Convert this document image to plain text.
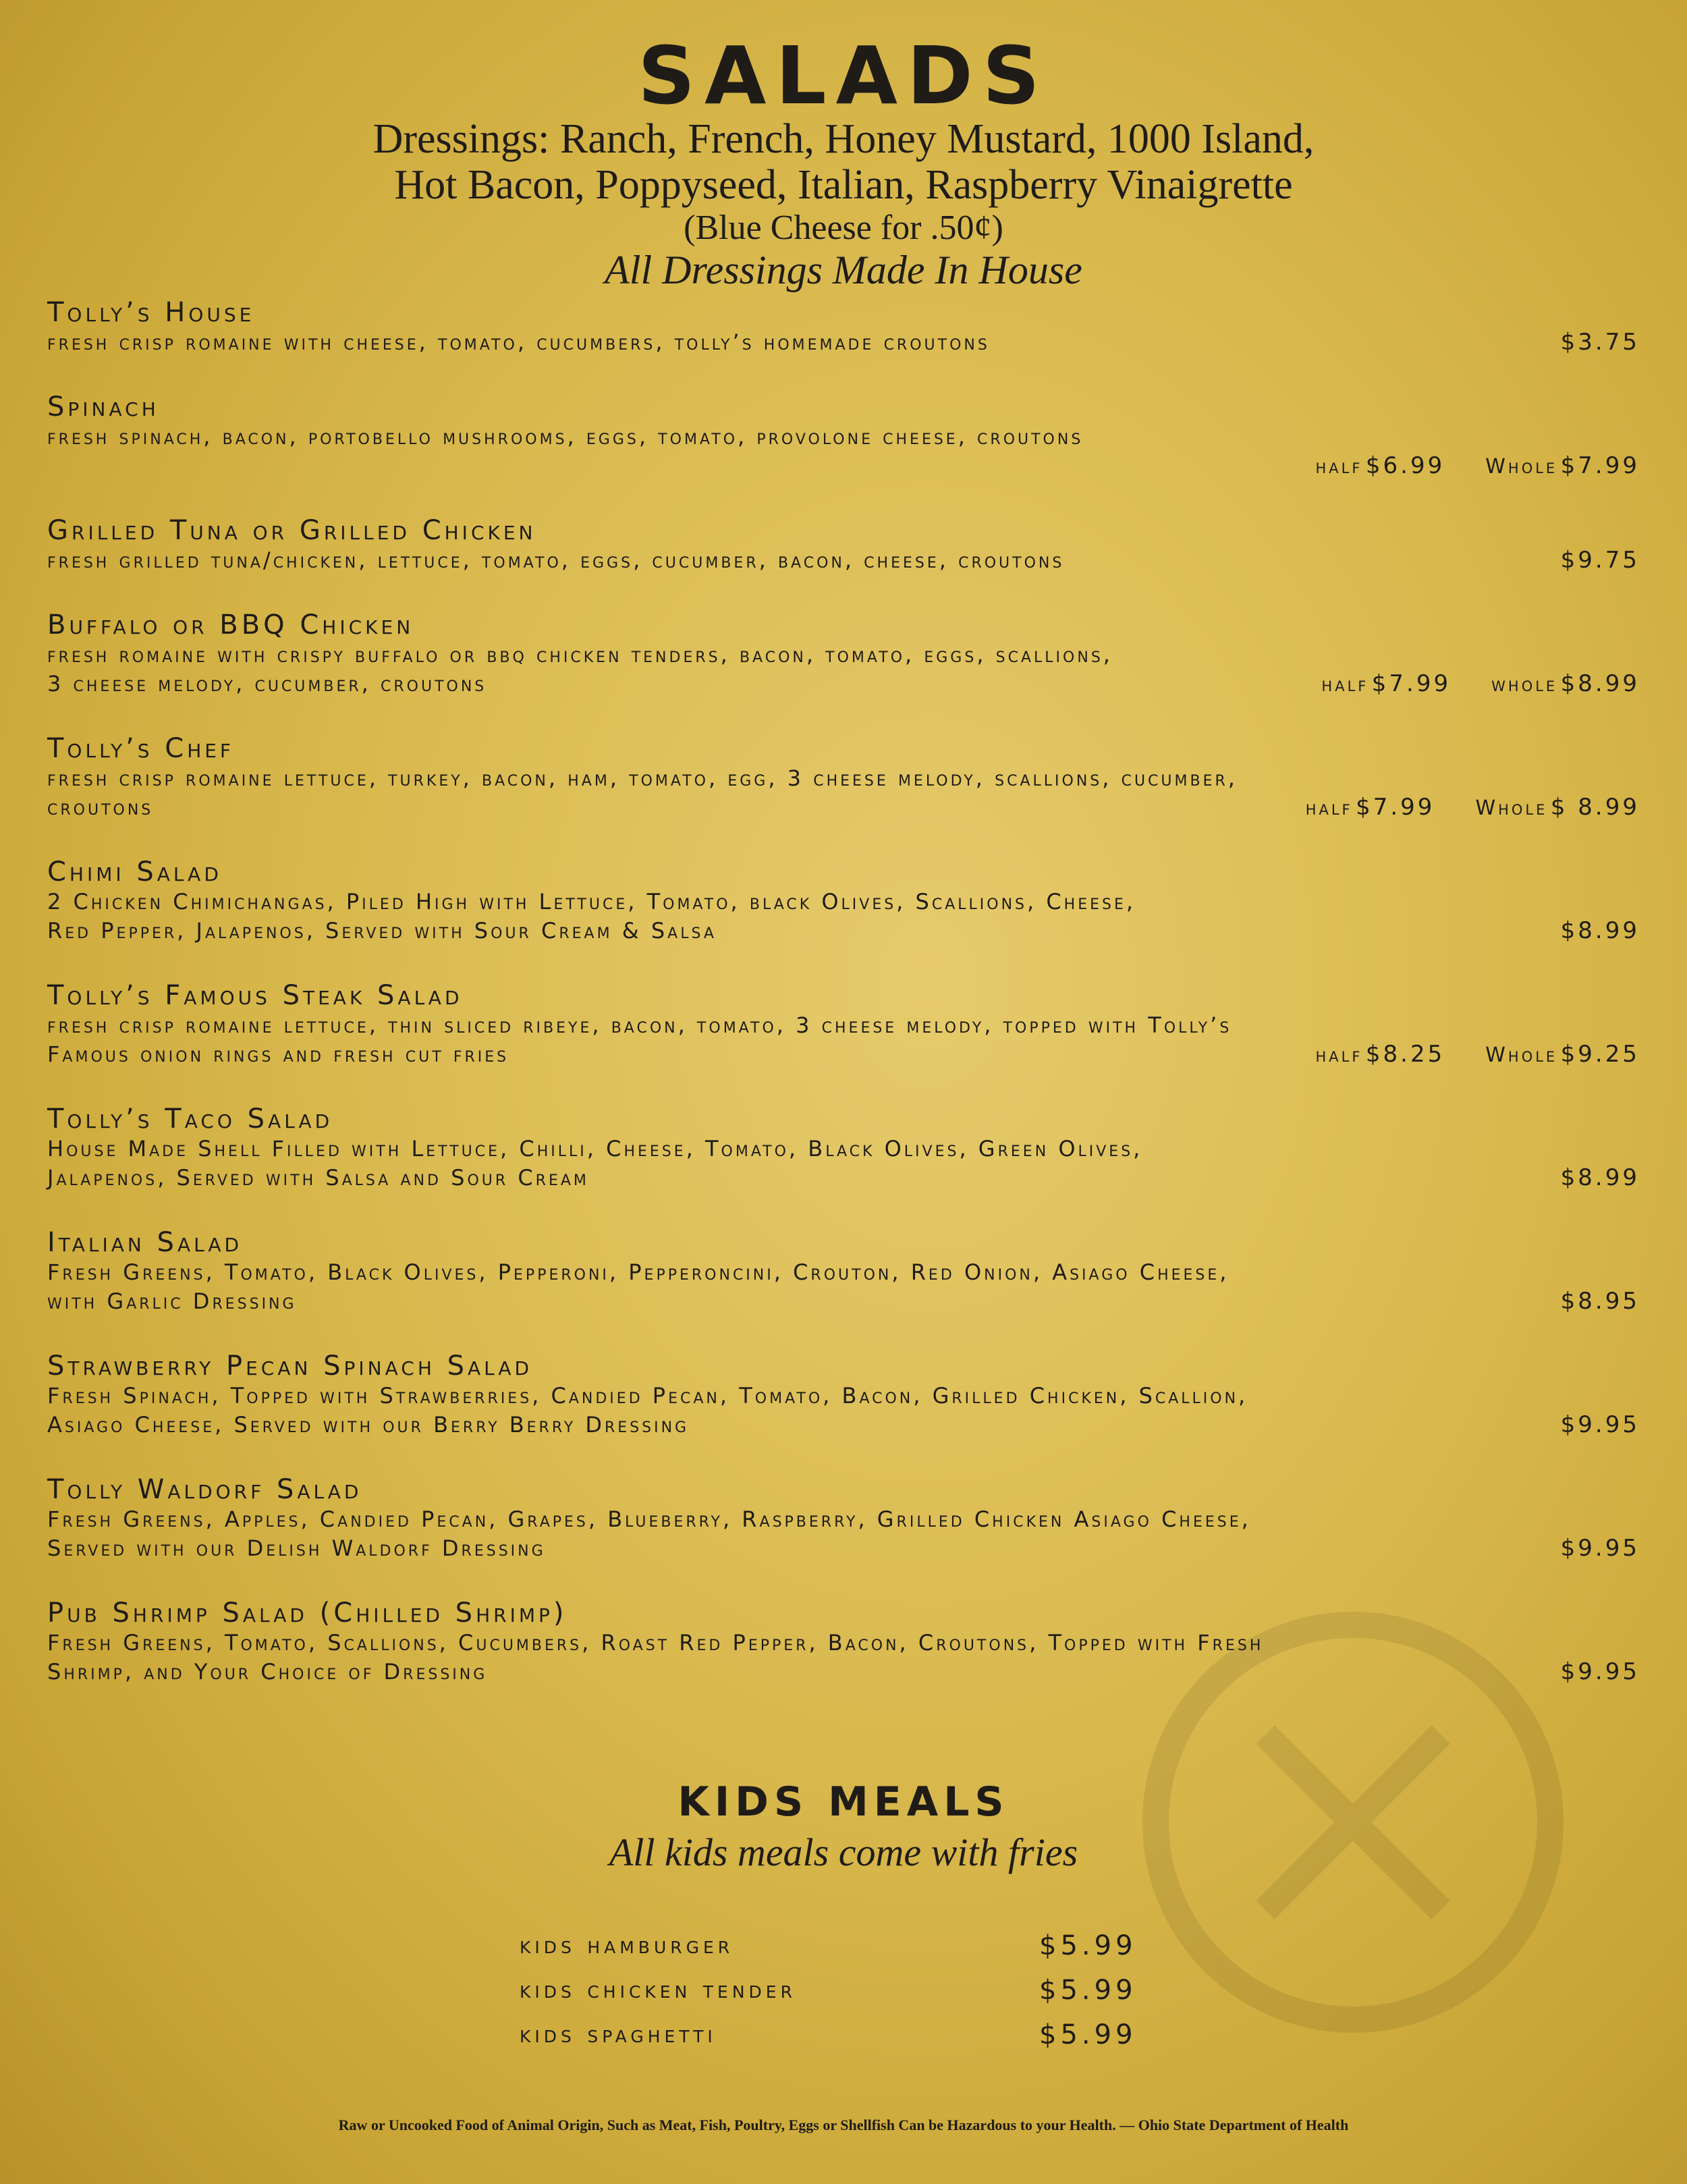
SALADS
Dressings: Ranch, French, Honey Mustard, 1000 Island,
Hot Bacon, Poppyseed, Italian, Raspberry Vinaigrette
(Blue Cheese for .50¢)
All Dressings Made In House
Tolly’s House
fresh crisp romaine with cheese, tomato, cucumbers, tolly’s homemade croutons	$3.75
Spinach
fresh spinach, bacon, portobello mushrooms, eggs, tomato, provolone cheese, croutons
half $6.99 Whole $7.99
Grilled Tuna or Grilled Chicken
fresh grilled tuna/chicken, lettuce, tomato, eggs, cucumber, bacon, cheese, croutons	$9.75
Buffalo or BBQ Chicken
fresh romaine with crispy buffalo or bbq chicken tenders, bacon, tomato, eggs, scallions,
3 cheese melody, cucumber, croutons	half $7.99 whole $8.99
Tolly’s Chef
fresh crisp romaine lettuce, turkey, bacon, ham, tomato, egg, 3 cheese melody, scallions, cucumber,
croutons	half $7.99 Whole $ 8.99
Chimi Salad
2 Chicken Chimichangas, Piled High with Lettuce, Tomato, black Olives, Scallions, Cheese,
Red Pepper, Jalapenos, Served with Sour Cream & Salsa	$8.99
Tolly’s Famous Steak Salad
fresh crisp romaine lettuce, thin sliced ribeye, bacon, tomato, 3 cheese melody, topped with Tolly’s
Famous onion rings and fresh cut fries	half $8.25 Whole $9.25
Tolly’s Taco Salad
House Made Shell Filled with Lettuce, Chilli, Cheese, Tomato, Black Olives, Green Olives,
Jalapenos, Served with Salsa and Sour Cream	$8.99
Italian Salad
Fresh Greens, Tomato, Black Olives, Pepperoni, Pepperoncini, Crouton, Red Onion, Asiago Cheese,
with Garlic Dressing	$8.95
Strawberry Pecan Spinach Salad
Fresh Spinach, Topped with Strawberries, Candied Pecan, Tomato, Bacon, Grilled Chicken, Scallion,
Asiago Cheese, Served with our Berry Berry Dressing	$9.95
Tolly Waldorf Salad
Fresh Greens, Apples, Candied Pecan, Grapes, Blueberry, Raspberry, Grilled Chicken Asiago Cheese,
Served with our Delish Waldorf Dressing	$9.95
Pub Shrimp Salad (Chilled Shrimp)
Fresh Greens, Tomato, Scallions, Cucumbers, Roast Red Pepper, Bacon, Croutons, Topped with Fresh
Shrimp, and Your Choice of Dressing	$9.95
KIDS MEALS
All kids meals come with fries
kids hamburger	$5.99
kids chicken tender	$5.99
kids spaghetti	$5.99
Raw or Uncooked Food of Animal Origin, Such as Meat, Fish, Poultry, Eggs or Shellfish Can be Hazardous to your Health. — Ohio State Department of Health
